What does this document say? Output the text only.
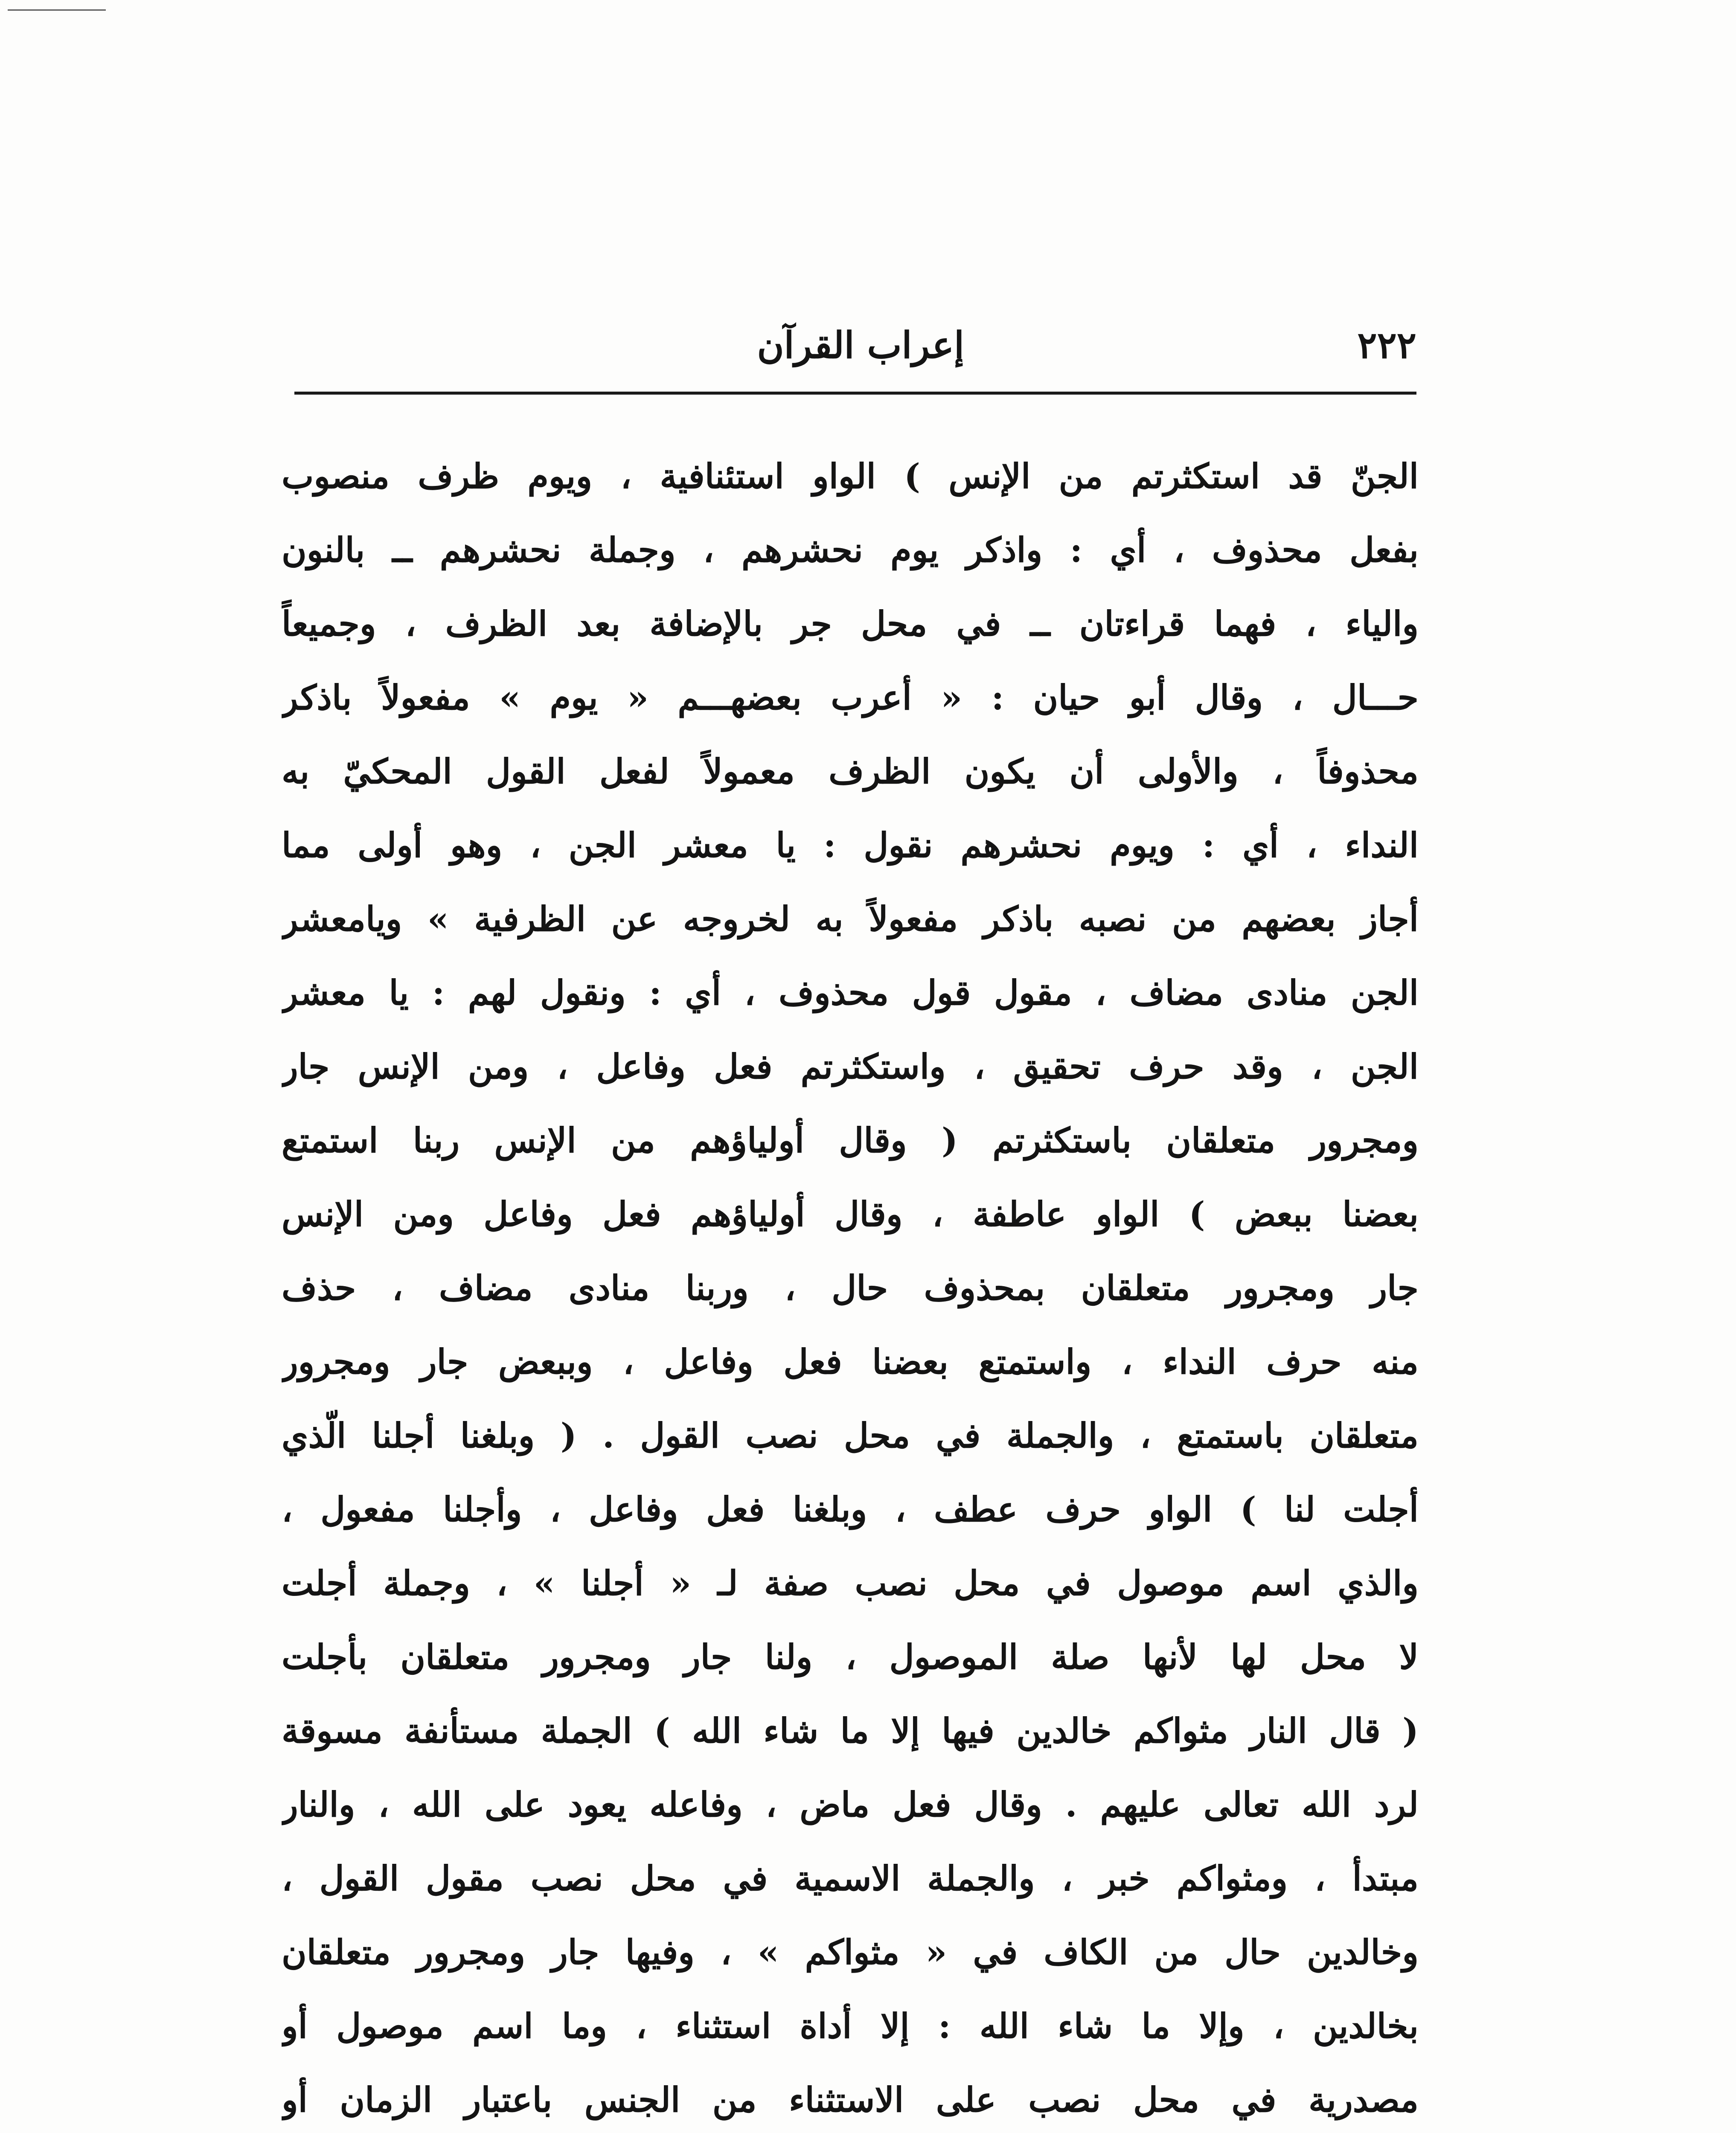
٢٢٢
إعراب القرآن
الجنّ قد استكثرتم من الإنس ) الواو استئنافية ، ويوم ظرف منصوب
بفعل محذوف ، أي : واذكر يوم نحشرهم ، وجملة نحشرهم ــ بالنون
والياء ، فهما قراءتان ــ في محل جر بالإضافة بعد الظرف ، وجميعاً
حـــال ، وقال أبو حيان : « أعرب بعضهـــم « يوم » مفعولاً باذكر
محذوفاً ، والأولى أن يكون الظرف معمولاً لفعل القول المحكيّ به
النداء ، أي : ويوم نحشرهم نقول : يا معشر الجن ، وهو أولى مما
أجاز بعضهم من نصبه باذكر مفعولاً به لخروجه عن الظرفية » ويامعشر
الجن منادى مضاف ، مقول قول محذوف ، أي : ونقول لهم : يا معشر
الجن ، وقد حرف تحقيق ، واستكثرتم فعل وفاعل ، ومن الإنس جار
ومجرور متعلقان باستكثرتم ( وقال أولياؤهم من الإنس ربنا استمتع
بعضنا ببعض ) الواو عاطفة ، وقال أولياؤهم فعل وفاعل ومن الإنس
جار ومجرور متعلقان بمحذوف حال ، وربنا منادى مضاف ، حذف
منه حرف النداء ، واستمتع بعضنا فعل وفاعل ، وببعض جار ومجرور
متعلقان باستمتع ، والجملة في محل نصب القول . ( وبلغنا أجلنا الّذي
أجلت لنا ) الواو حرف عطف ، وبلغنا فعل وفاعل ، وأجلنا مفعول ،
والذي اسم موصول في محل نصب صفة لـ « أجلنا » ، وجملة أجلت
لا محل لها لأنها صلة الموصول ، ولنا جار ومجرور متعلقان بأجلت
( قال النار مثواكم خالدين فيها إلا ما شاء الله ) الجملة مستأنفة مسوقة
لرد الله تعالى عليهم . وقال فعل ماض ، وفاعله يعود على الله ، والنار
مبتدأ ، ومثواكم خبر ، والجملة الاسمية في محل نصب مقول القول ،
وخالدين حال من الكاف في « مثواكم » ، وفيها جار ومجرور متعلقان
بخالدين ، وإلا ما شاء الله : إلا أداة استثناء ، وما اسم موصول أو
مصدرية في محل نصب على الاستثناء من الجنس باعتبار الزمان أو
